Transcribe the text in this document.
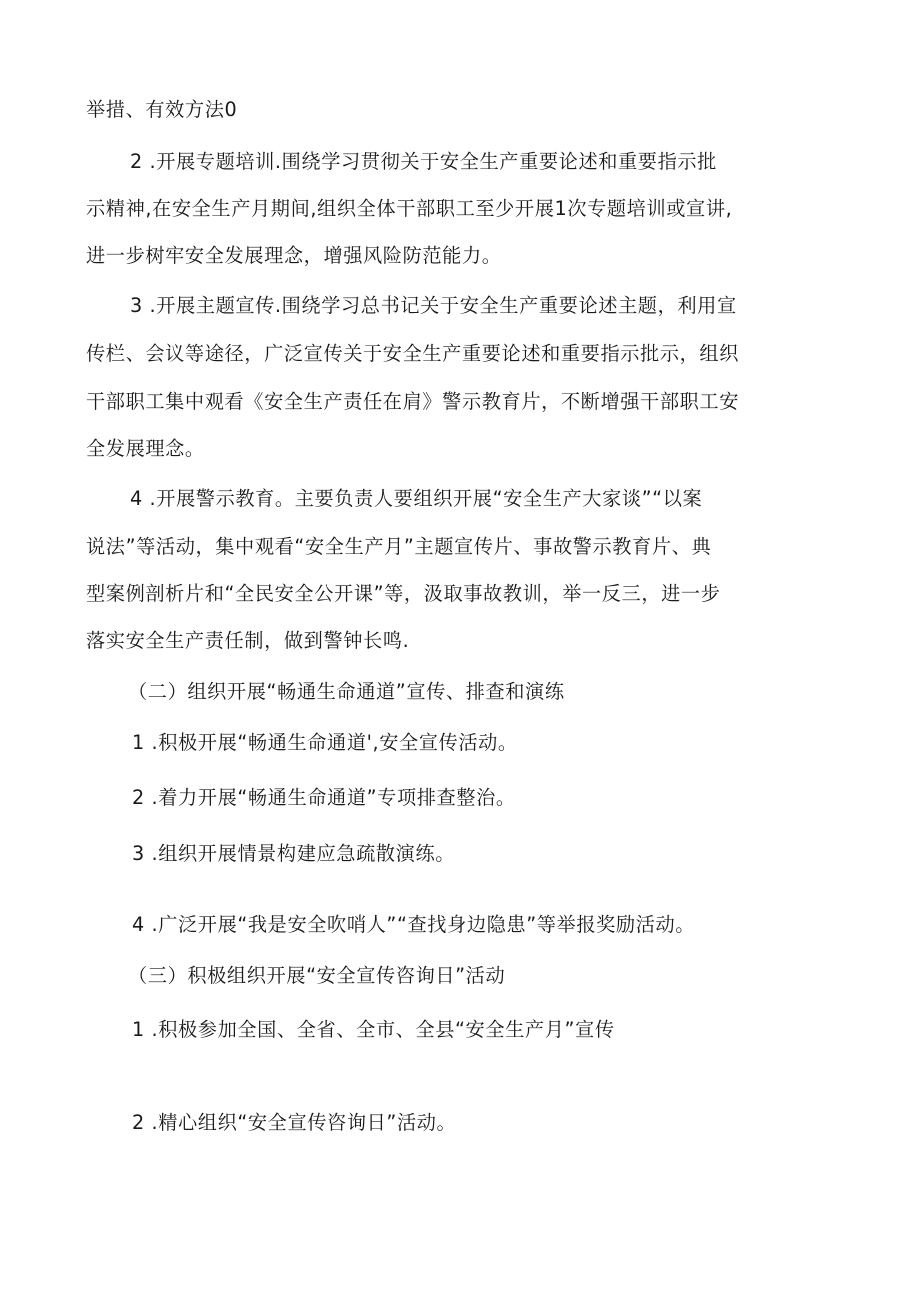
举措、有效方法0
2 .开展专题培训.围绕学习贯彻关于安全生产重要论述和重要指示批
示精神,在安全生产月期间,组织全体干部职工至少开展1次专题培训或宣讲,
进一步树牢安全发展理念，增强风险防范能力。
3 .开展主题宣传.围绕学习总书记关于安全生产重要论述主题，利用宣
传栏、会议等途径，广泛宣传关于安全生产重要论述和重要指示批示，组织
干部职工集中观看《安全生产责任在肩》警示教育片，不断增强干部职工安
全发展理念。
4 .开展警示教育。主要负责人要组织开展“安全生产大家谈”“以案
说法”等活动，集中观看“安全生产月”主题宣传片、事故警示教育片、典
型案例剖析片和“全民安全公开课”等，汲取事故教训，举一反三，进一步
落实安全生产责任制，做到警钟长鸣.
（二）组织开展“畅通生命通道”宣传、排查和演练
1 .积极开展“畅通生命通道',安全宣传活动。
2 .着力开展“畅通生命通道”专项排查整治。
3 .组织开展情景构建应急疏散演练。
4 .广泛开展“我是安全吹哨人”“查找身边隐患”等举报奖励活动。
（三）积极组织开展“安全宣传咨询日”活动
1 .积极参加全国、全省、全市、全县“安全生产月”宣传
2 .精心组织“安全宣传咨询日”活动。
